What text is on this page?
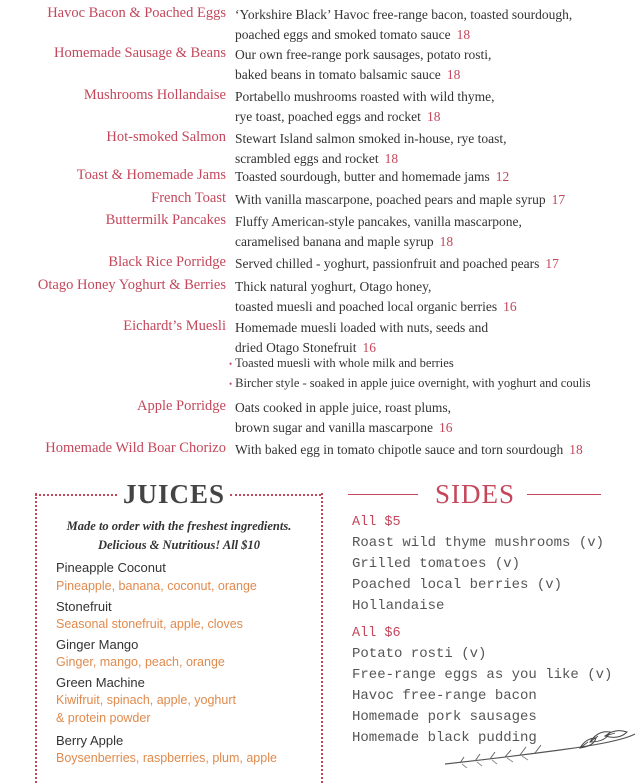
Havoc Bacon & Poached Eggs ‘Yorkshire Black’ Havoc free-range bacon, toasted sourdough,
poached eggs and smoked tomato sauce 18
Homemade Sausage & Beans Our own free-range pork sausages, potato rosti,
baked beans in tomato balsamic sauce 18
Mushrooms Hollandaise Portabello mushrooms roasted with wild thyme,
rye toast, poached eggs and rocket 18
Hot-smoked Salmon Stewart Island salmon smoked in-house, rye toast,
scrambled eggs and rocket 18
Toast & Homemade Jams Toasted sourdough, butter and homemade jams 12
French Toast With vanilla mascarpone, poached pears and maple syrup 17
Buttermilk Pancakes Fluffy American-style pancakes, vanilla mascarpone,
caramelised banana and maple syrup 18
Black Rice Porridge Served chilled - yoghurt, passionfruit and poached pears 17
Otago Honey Yoghurt & Berries Thick natural yoghurt, Otago honey,
toasted muesli and poached local organic berries 16
Eichardt’s Muesli Homemade muesli loaded with nuts, seeds and
dried Otago Stonefruit 16
• Toasted muesli with whole milk and berries
• Bircher style - soaked in apple juice overnight, with yoghurt and coulis
Apple Porridge Oats cooked in apple juice, roast plums,
brown sugar and vanilla mascarpone 16
Homemade Wild Boar Chorizo With baked egg in tomato chipotle sauce and torn sourdough 18
JUICES
Made to order with the freshest ingredients.
Delicious & Nutritious! All $10
Pineapple Coconut
Pineapple, banana, coconut, orange
Stonefruit
Seasonal stonefruit, apple, cloves
Ginger Mango
Ginger, mango, peach, orange
Green Machine
Kiwifruit, spinach, apple, yoghurt
& protein powder
Berry Apple
Boysenberries, raspberries, plum, apple
SIDES
All $5
Roast wild thyme mushrooms (v)
Grilled tomatoes (v)
Poached local berries (v)
Hollandaise
All $6
Potato rosti (v)
Free-range eggs as you like (v)
Havoc free-range bacon
Homemade pork sausages
Homemade black pudding
